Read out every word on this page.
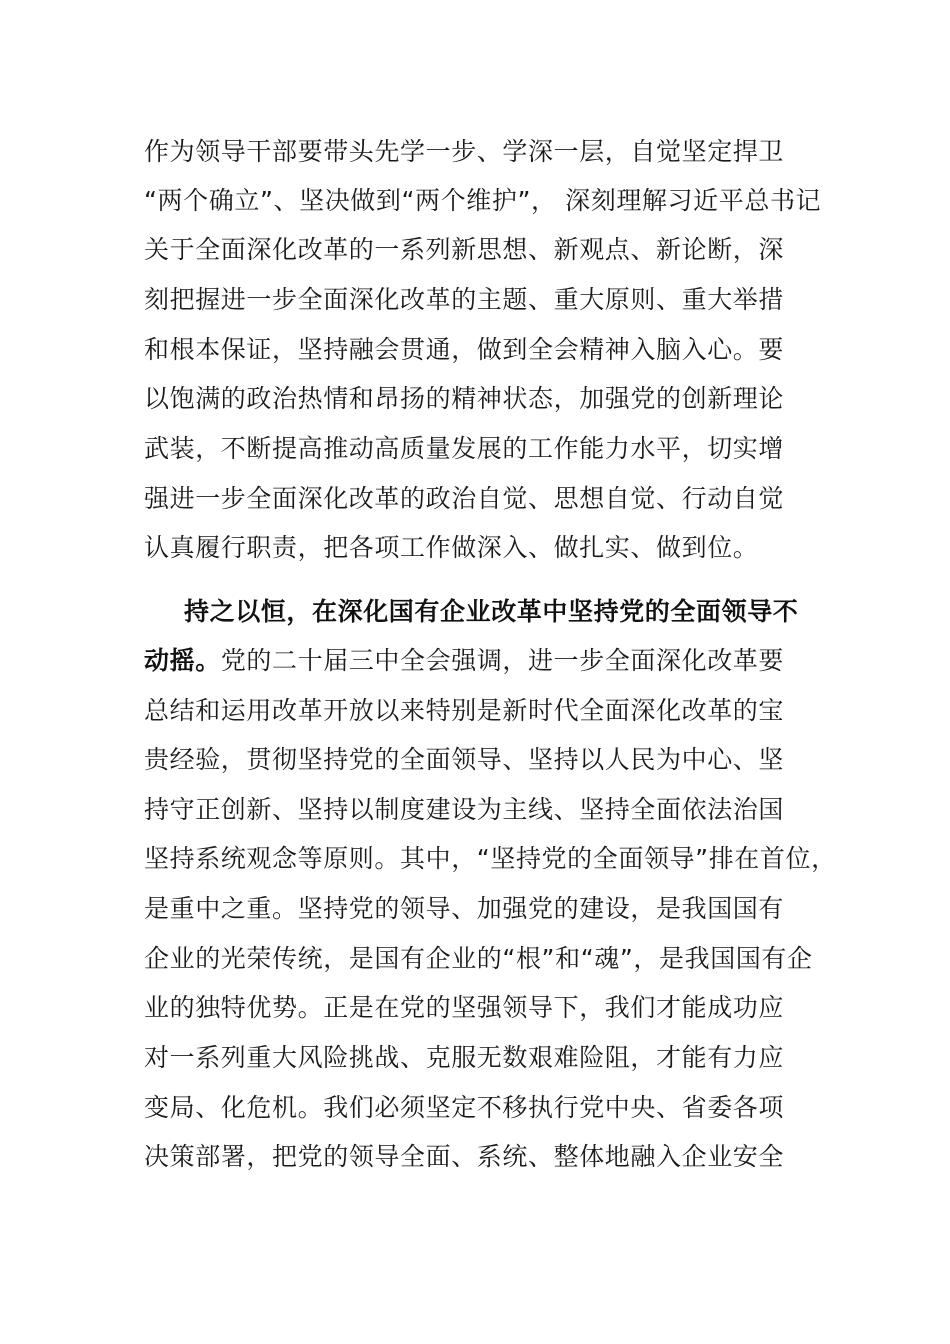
作为领导干部要带头先学一步、学深一层，自觉坚定捍卫
“两个确立”、坚决做到“两个维护”， 深刻理解习近平总书记
关于全面深化改革的一系列新思想、新观点、新论断，深
刻把握进一步全面深化改革的主题、重大原则、重大举措
和根本保证，坚持融会贯通，做到全会精神入脑入心。要
以饱满的政治热情和昂扬的精神状态，加强党的创新理论
武装，不断提高推动高质量发展的工作能力水平，切实增
强进一步全面深化改革的政治自觉、思想自觉、行动自觉
认真履行职责，把各项工作做深入、做扎实、做到位。
持之以恒，在深化国有企业改革中坚持党的全面领导不
动摇。党的二十届三中全会强调，进一步全面深化改革要
总结和运用改革开放以来特别是新时代全面深化改革的宝
贵经验，贯彻坚持党的全面领导、坚持以人民为中心、坚
持守正创新、坚持以制度建设为主线、坚持全面依法治国
坚持系统观念等原则。其中，“坚持党的全面领导”排在首位，
是重中之重。坚持党的领导、加强党的建设，是我国国有
企业的光荣传统，是国有企业的“根”和“魂”，是我国国有企
业的独特优势。正是在党的坚强领导下，我们才能成功应
对一系列重大风险挑战、克服无数艰难险阻，才能有力应
变局、化危机。我们必须坚定不移执行党中央、省委各项
决策部署，把党的领导全面、系统、整体地融入企业安全
